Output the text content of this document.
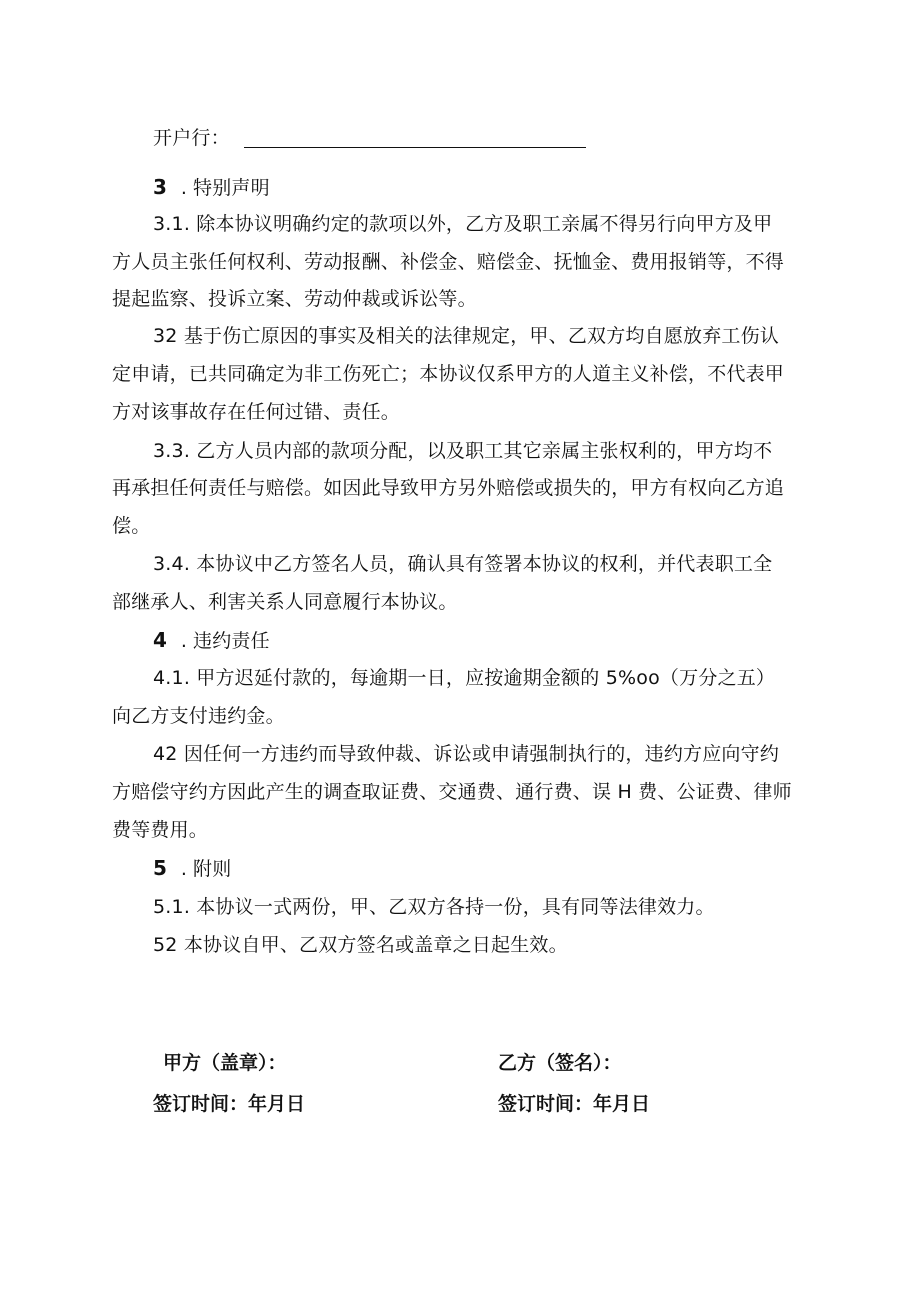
开户行：
3 . 特别声明
3.1. 除本协议明确约定的款项以外，乙方及职工亲属不得另行向甲方及甲
方人员主张任何权利、劳动报酬、补偿金、赔偿金、抚恤金、费用报销等，不得
提起监察、投诉立案、劳动仲裁或诉讼等。
32 基于伤亡原因的事实及相关的法律规定，甲、乙双方均自愿放弃工伤认
定申请，已共同确定为非工伤死亡；本协议仅系甲方的人道主义补偿，不代表甲
方对该事故存在任何过错、责任。
3.3. 乙方人员内部的款项分配，以及职工其它亲属主张权利的，甲方均不
再承担任何责任与赔偿。如因此导致甲方另外赔偿或损失的，甲方有权向乙方追
偿。
3.4. 本协议中乙方签名人员，确认具有签署本协议的权利，并代表职工全
部继承人、利害关系人同意履行本协议。
4 . 违约责任
4.1. 甲方迟延付款的，每逾期一日，应按逾期金额的 5%oo（万分之五）
向乙方支付违约金。
42 因任何一方违约而导致仲裁、诉讼或申请强制执行的，违约方应向守约
方赔偿守约方因此产生的调查取证费、交通费、通行费、误 H 费、公证费、律师
费等费用。
5 . 附则
5.1. 本协议一式两份，甲、乙双方各持一份，具有同等法律效力。
52 本协议自甲、乙双方签名或盖章之日起生效。
甲方（盖章）：	乙方（签名）：
签订时间：年月日	签订时间：年月日
